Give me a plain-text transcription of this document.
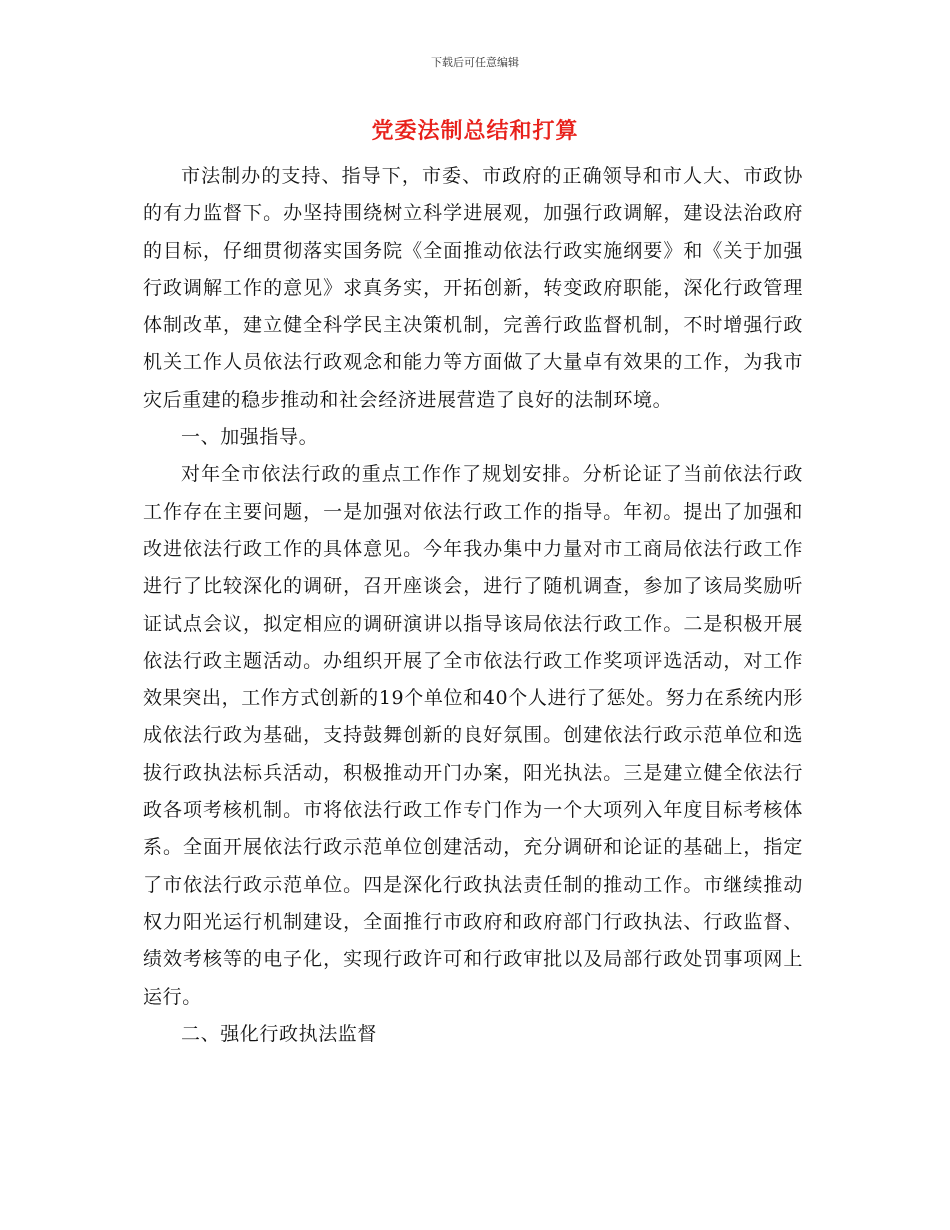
下载后可任意编辑
党委法制总结和打算

市法制办的支持、指导下，市委、市政府的正确领导和市人大、市政协的有力监督下。办坚持围绕树立科学进展观，加强行政调解，建设法治政府的目标，仔细贯彻落实国务院《全面推动依法行政实施纲要》和《关于加强行政调解工作的意见》求真务实，开拓创新，转变政府职能，深化行政管理体制改革，建立健全科学民主决策机制，完善行政监督机制，不时增强行政机关工作人员依法行政观念和能力等方面做了大量卓有效果的工作，为我市灾后重建的稳步推动和社会经济进展营造了良好的法制环境。

一、加强指导。

对年全市依法行政的重点工作作了规划安排。分析论证了当前依法行政工作存在主要问题，一是加强对依法行政工作的指导。年初。提出了加强和改进依法行政工作的具体意见。今年我办集中力量对市工商局依法行政工作进行了比较深化的调研，召开座谈会，进行了随机调查，参加了该局奖励听证试点会议，拟定相应的调研演讲以指导该局依法行政工作。二是积极开展依法行政主题活动。办组织开展了全市依法行政工作奖项评选活动，对工作效果突出，工作方式创新的19个单位和40个人进行了惩处。努力在系统内形成依法行政为基础，支持鼓舞创新的良好氛围。创建依法行政示范单位和选拔行政执法标兵活动，积极推动开门办案，阳光执法。三是建立健全依法行政各项考核机制。市将依法行政工作专门作为一个大项列入年度目标考核体系。全面开展依法行政示范单位创建活动，充分调研和论证的基础上，指定了市依法行政示范单位。四是深化行政执法责任制的推动工作。市继续推动权力阳光运行机制建设，全面推行市政府和政府部门行政执法、行政监督、绩效考核等的电子化，实现行政许可和行政审批以及局部行政处罚事项网上运行。

二、强化行政执法监督
